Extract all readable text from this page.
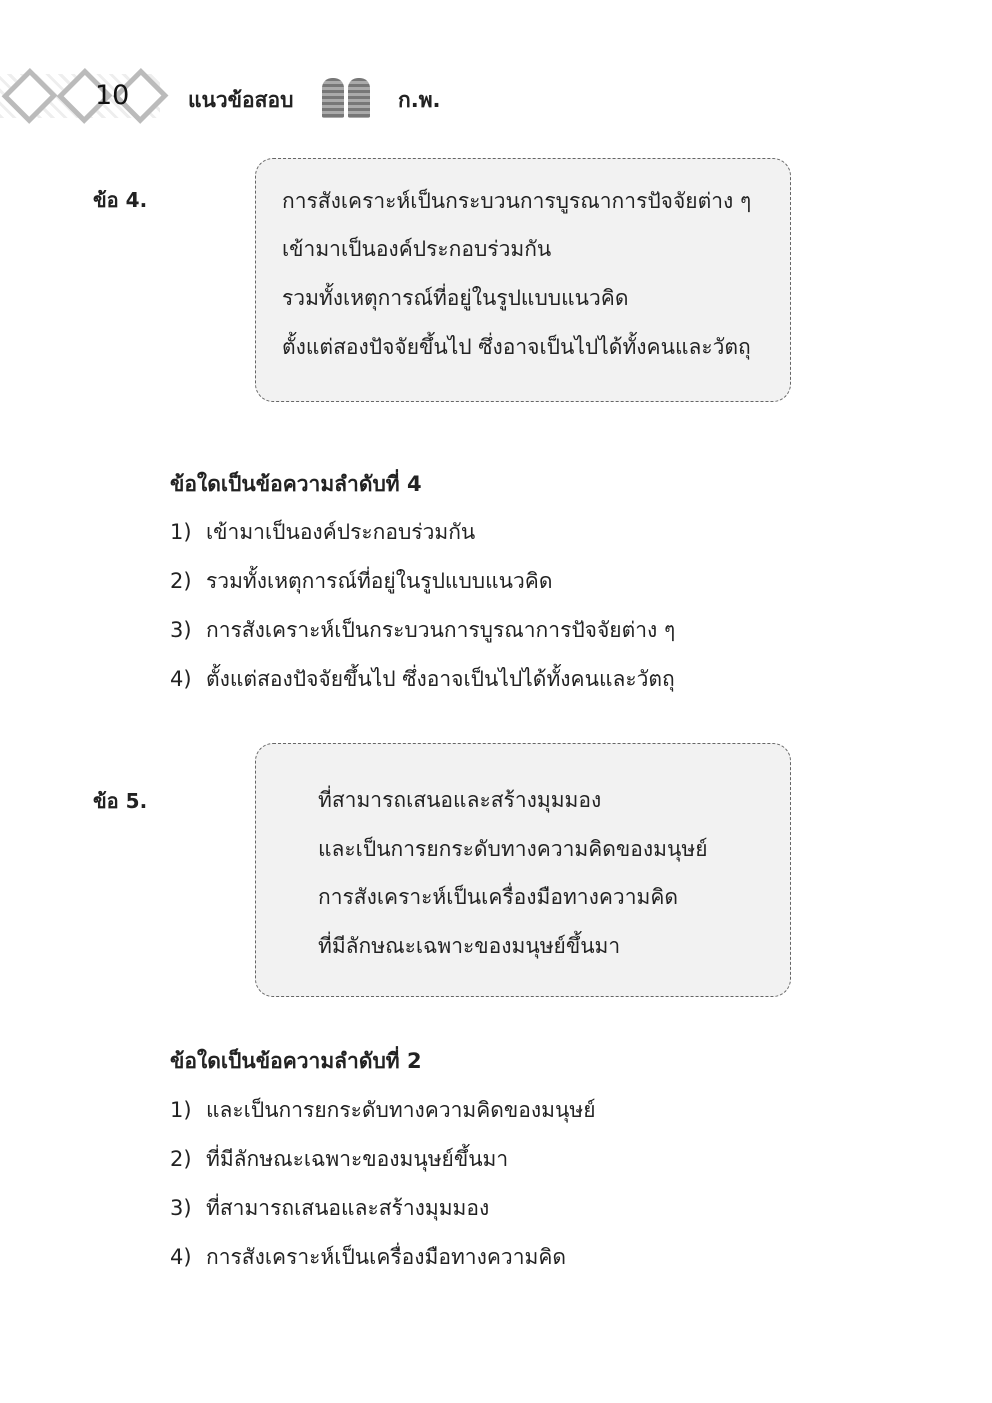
10	แนวข้อสอบ	ก.พ.
ข้อ 4.	การสังเคราะห์เป็นกระบวนการบูรณาการปัจจัยต่าง ๆ
เข้ามาเป็นองค์ประกอบร่วมกัน
รวมทั้งเหตุการณ์ที่อยู่ในรูปแบบแนวคิด
ตั้งแต่สองปัจจัยขึ้นไป ซึ่งอาจเป็นไปได้ทั้งคนและวัตถุ
ข้อใดเป็นข้อความลำดับที่ 4
1) เข้ามาเป็นองค์ประกอบร่วมกัน
2) รวมทั้งเหตุการณ์ที่อยู่ในรูปแบบแนวคิด
3) การสังเคราะห์เป็นกระบวนการบูรณาการปัจจัยต่าง ๆ
4) ตั้งแต่สองปัจจัยขึ้นไป ซึ่งอาจเป็นไปได้ทั้งคนและวัตถุ
ข้อ 5.	ที่สามารถเสนอและสร้างมุมมอง
และเป็นการยกระดับทางความคิดของมนุษย์
การสังเคราะห์เป็นเครื่องมือทางความคิด
ที่มีลักษณะเฉพาะของมนุษย์ขึ้นมา
ข้อใดเป็นข้อความลำดับที่ 2
1) และเป็นการยกระดับทางความคิดของมนุษย์
2) ที่มีลักษณะเฉพาะของมนุษย์ขึ้นมา
3) ที่สามารถเสนอและสร้างมุมมอง
4) การสังเคราะห์เป็นเครื่องมือทางความคิด
